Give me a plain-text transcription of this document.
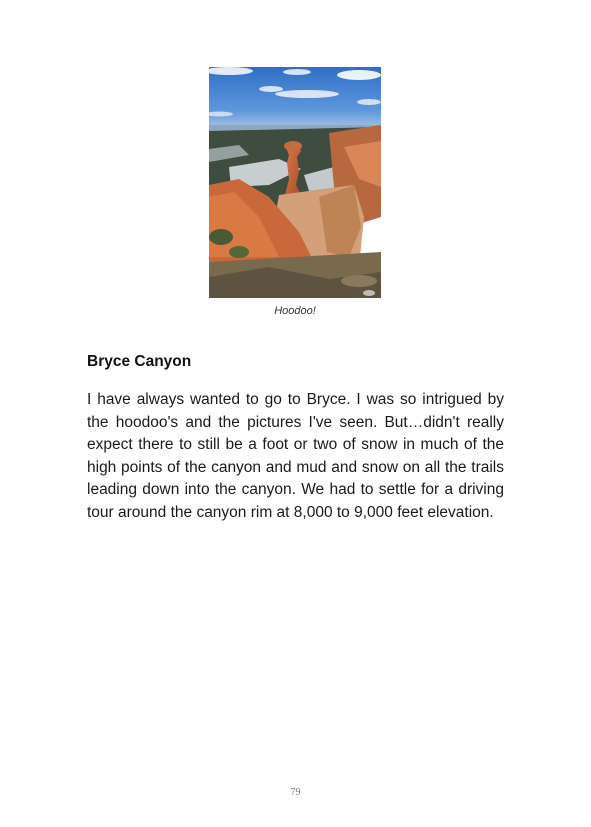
Hoodoo!
Bryce Canyon

I have always wanted to go to Bryce. I was so intrigued by the hoodoo's and the pictures I've seen. But…didn't really expect there to still be a foot or two of snow in much of the high points of the canyon and mud and snow on all the trails leading down into the canyon. We had to settle for a driving tour around the canyon rim at 8,000 to 9,000 feet elevation.

79
